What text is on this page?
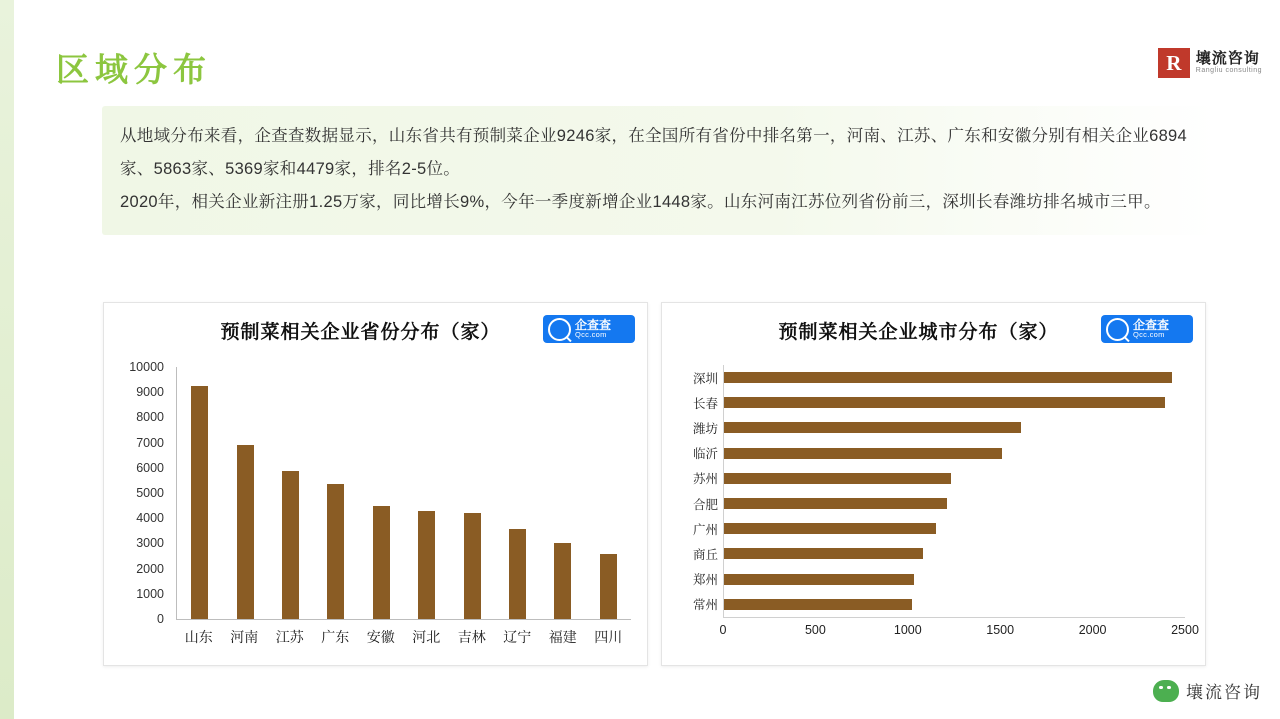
区域分布	R 壤流咨询
Rangliu consulting

从地域分布来看，企查查数据显示，山东省共有预制菜企业9246家，在全国所有省份中排名第一，河南、江苏、广东和安徽分别有相关企业6894家、5863家、5369家和4479家，排名2-5位。

2020年，相关企业新注册1.25万家，同比增长9%，今年一季度新增企业1448家。山东河南江苏位列省份前三，深圳长春潍坊排名城市三甲。

预制菜相关企业省份分布（家）	企查查
Qcc.com
0
1000
2000
3000
4000
5000
6000
7000
8000
9000
10000
山东	河南	江苏	广东	安徽	河北	吉林	辽宁	福建	四川
预制菜相关企业城市分布（家）	企查查
Qcc.com
深圳
长春
潍坊
临沂
苏州
合肥
广州
商丘
郑州
常州
0	500	1000	1500	2000	2500
壤流咨询
